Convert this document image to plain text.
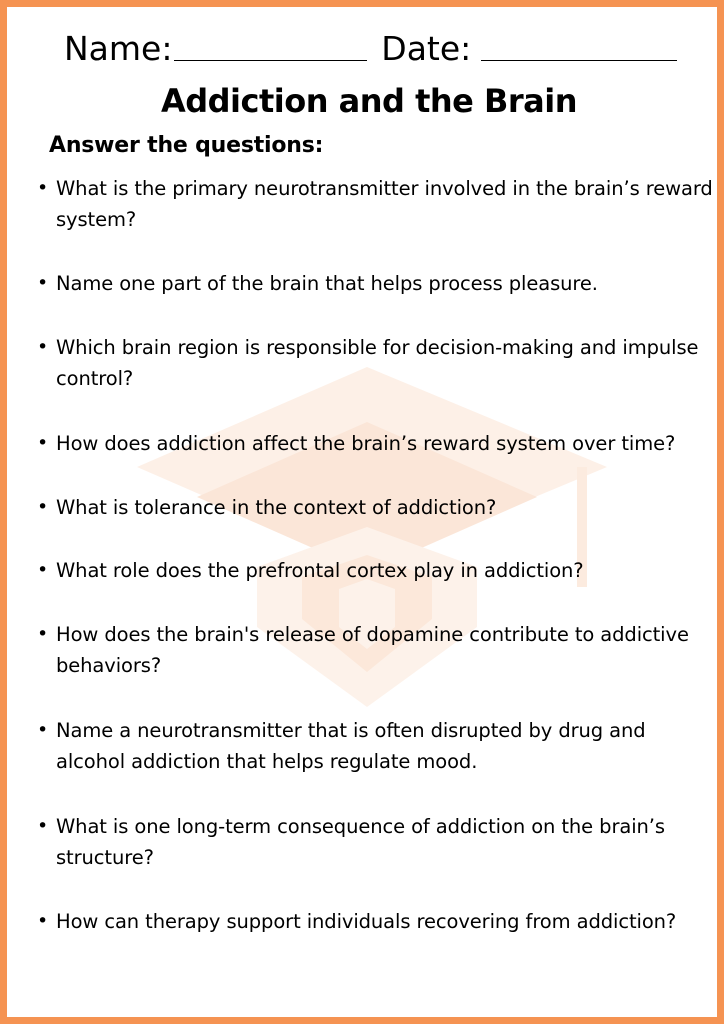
Name:	Date:
Addiction and the Brain
Answer the questions:
• What is the primary neurotransmitter involved in the brain’s reward system?
• Name one part of the brain that helps process pleasure.
• Which brain region is responsible for decision-making and impulse control?
• How does addiction affect the brain’s reward system over time?
• What is tolerance in the context of addiction?
• What role does the prefrontal cortex play in addiction?
• How does the brain's release of dopamine contribute to addictive behaviors?
• Name a neurotransmitter that is often disrupted by drug and alcohol addiction that helps regulate mood.
• What is one long-term consequence of addiction on the brain’s structure?
• How can therapy support individuals recovering from addiction?
